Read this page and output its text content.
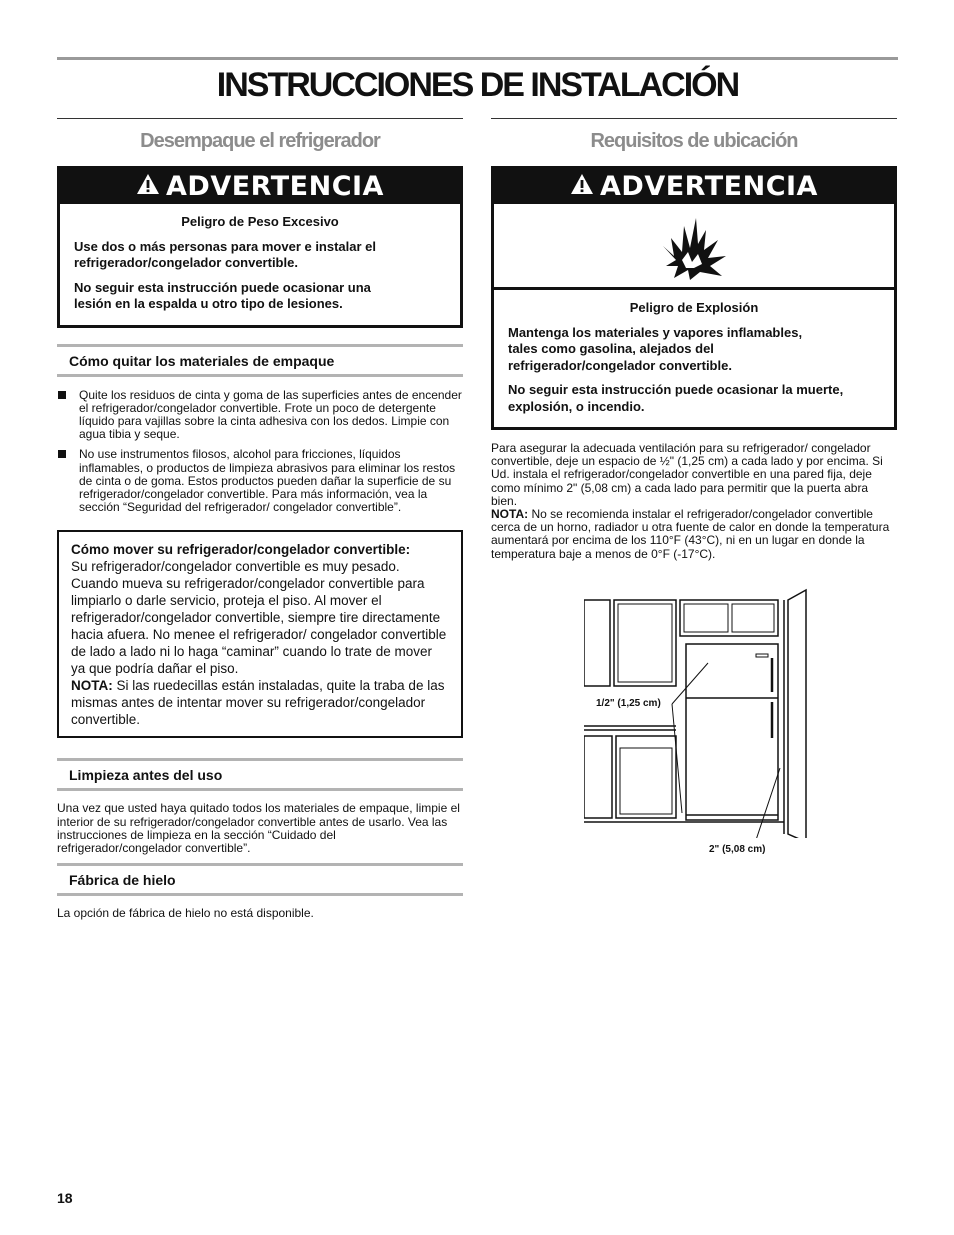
INSTRUCCIONES DE INSTALACIÓN
Desempaque el refrigerador
ADVERTENCIA
Peligro de Peso Excesivo

Use dos o más personas para mover e instalar el refrigerador/congelador convertible.

No seguir esta instrucción puede ocasionar una lesión en la espalda u otro tipo de lesiones.

Cómo quitar los materiales de empaque
Quite los residuos de cinta y goma de las superficies antes de encender el refrigerador/congelador convertible. Frote un poco de detergente líquido para vajillas sobre la cinta adhesiva con los dedos. Limpie con agua tibia y seque.
No use instrumentos filosos, alcohol para fricciones, líquidos inflamables, o productos de limpieza abrasivos para eliminar los restos de cinta o de goma. Estos productos pueden dañar la superficie de su refrigerador/congelador convertible. Para más información, vea la sección “Seguridad del refrigerador/ congelador convertible”.
Cómo mover su refrigerador/congelador convertible:
Su refrigerador/congelador convertible es muy pesado. Cuando mueva su refrigerador/congelador convertible para limpiarlo o darle servicio, proteja el piso. Al mover el refrigerador/congelador convertible, siempre tire directamente hacia afuera. No menee el refrigerador/ congelador convertible de lado a lado ni lo haga “caminar” cuando lo trate de mover ya que podría dañar el piso.
NOTA: Si las ruedecillas están instaladas, quite la traba de las mismas antes de intentar mover su refrigerador/congelador convertible.
Limpieza antes del uso

Una vez que usted haya quitado todos los materiales de empaque, limpie el interior de su refrigerador/congelador convertible antes de usarlo. Vea las instrucciones de limpieza en la sección “Cuidado del refrigerador/congelador convertible”.

Fábrica de hielo

La opción de fábrica de hielo no está disponible.

Requisitos de ubicación
ADVERTENCIA
Peligro de Explosión

Mantenga los materiales y vapores inflamables, tales como gasolina, alejados del refrigerador/congelador convertible.

No seguir esta instrucción puede ocasionar la muerte, explosión, o incendio.

Para asegurar la adecuada ventilación para su refrigerador/ congelador convertible, deje un espacio de ½" (1,25 cm) a cada lado y por encima. Si Ud. instala el refrigerador/congelador convertible en una pared fija, deje como mínimo 2" (5,08 cm) a cada lado para permitir que la puerta abra bien.

NOTA: No se recomienda instalar el refrigerador/congelador convertible cerca de un horno, radiador u otra fuente de calor en donde la temperatura aumentará por encima de los 110°F (43°C), ni en un lugar en donde la temperatura baje a menos de 0°F (-17°C).

1/2" (1,25 cm)
2" (5,08 cm)
18
